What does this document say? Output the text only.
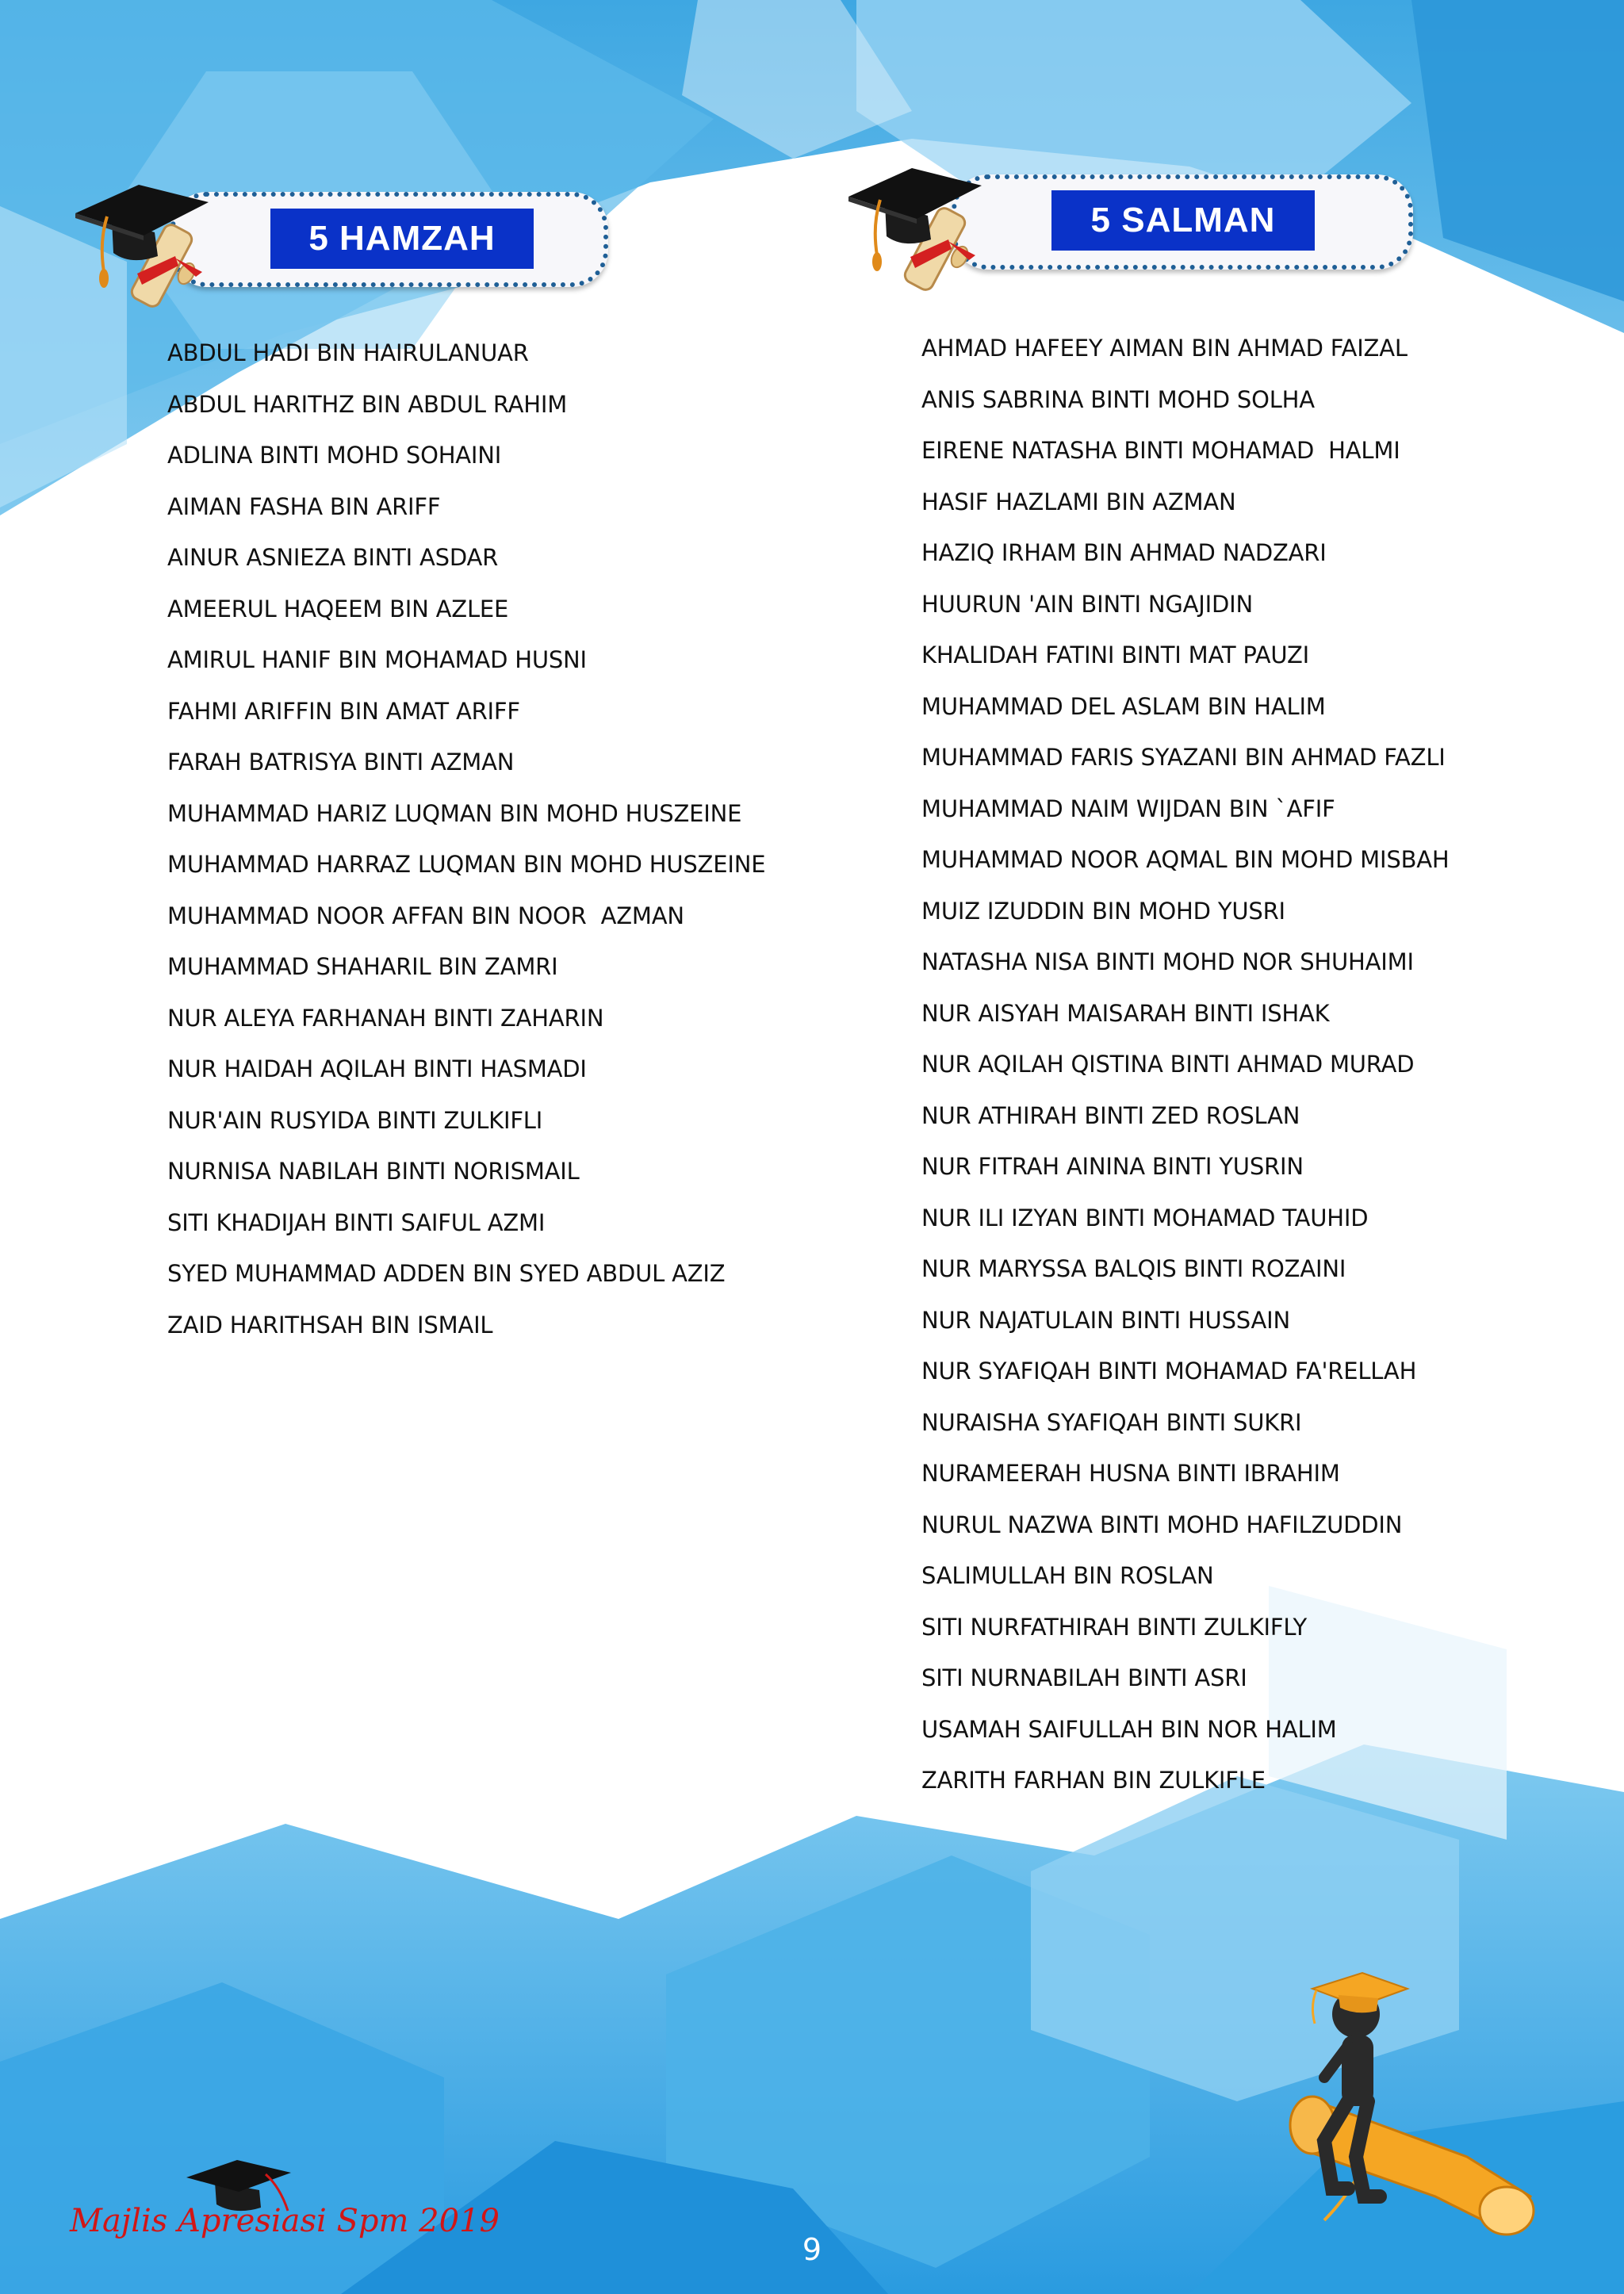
5 HAMZAH	5 SALMAN
ABDUL HADI BIN HAIRULANUAR
ABDUL HARITHZ BIN ABDUL RAHIM
ADLINA BINTI MOHD SOHAINI
AIMAN FASHA BIN ARIFF
AINUR ASNIEZA BINTI ASDAR
AMEERUL HAQEEM BIN AZLEE
AMIRUL HANIF BIN MOHAMAD HUSNI
FAHMI ARIFFIN BIN AMAT ARIFF
FARAH BATRISYA BINTI AZMAN
MUHAMMAD HARIZ LUQMAN BIN MOHD HUSZEINE
MUHAMMAD HARRAZ LUQMAN BIN MOHD HUSZEINE
MUHAMMAD NOOR AFFAN BIN NOOR  AZMAN
MUHAMMAD SHAHARIL BIN ZAMRI
NUR ALEYA FARHANAH BINTI ZAHARIN
NUR HAIDAH AQILAH BINTI HASMADI
NUR'AIN RUSYIDA BINTI ZULKIFLI
NURNISA NABILAH BINTI NORISMAIL
SITI KHADIJAH BINTI SAIFUL AZMI
SYED MUHAMMAD ADDEN BIN SYED ABDUL AZIZ
ZAID HARITHSAH BIN ISMAIL
AHMAD HAFEEY AIMAN BIN AHMAD FAIZAL
ANIS SABRINA BINTI MOHD SOLHA
EIRENE NATASHA BINTI MOHAMAD  HALMI
HASIF HAZLAMI BIN AZMAN
HAZIQ IRHAM BIN AHMAD NADZARI
HUURUN 'AIN BINTI NGAJIDIN
KHALIDAH FATINI BINTI MAT PAUZI
MUHAMMAD DEL ASLAM BIN HALIM
MUHAMMAD FARIS SYAZANI BIN AHMAD FAZLI
MUHAMMAD NAIM WIJDAN BIN `AFIF
MUHAMMAD NOOR AQMAL BIN MOHD MISBAH
MUIZ IZUDDIN BIN MOHD YUSRI
NATASHA NISA BINTI MOHD NOR SHUHAIMI
NUR AISYAH MAISARAH BINTI ISHAK
NUR AQILAH QISTINA BINTI AHMAD MURAD
NUR ATHIRAH BINTI ZED ROSLAN
NUR FITRAH AININA BINTI YUSRIN
NUR ILI IZYAN BINTI MOHAMAD TAUHID
NUR MARYSSA BALQIS BINTI ROZAINI
NUR NAJATULAIN BINTI HUSSAIN
NUR SYAFIQAH BINTI MOHAMAD FA'RELLAH
NURAISHA SYAFIQAH BINTI SUKRI
NURAMEERAH HUSNA BINTI IBRAHIM
NURUL NAZWA BINTI MOHD HAFILZUDDIN
SALIMULLAH BIN ROSLAN
SITI NURFATHIRAH BINTI ZULKIFLY
SITI NURNABILAH BINTI ASRI
USAMAH SAIFULLAH BIN NOR HALIM
ZARITH FARHAN BIN ZULKIFLE
Majlis Apresiasi Spm 2019
9
